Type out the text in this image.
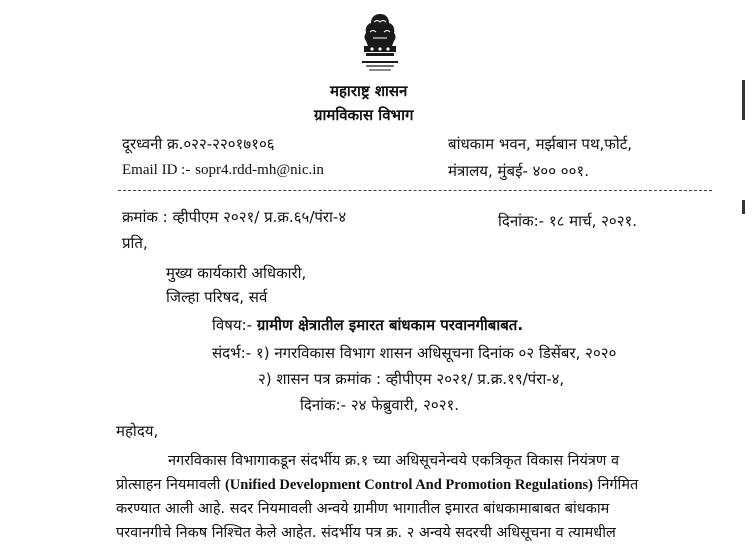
महाराष्ट्र शासन
ग्रामविकास विभाग
दूरध्वनी क्र.०२२-२२०१७१०६
Email ID :- sopr4.rdd-mh@nic.in
बांधकाम भवन, मर्झबान पथ,फोर्ट,
मंत्रालय, मुंबई- ४०० ००१.
क्रमांक : व्हीपीएम २०२१/ प्र.क्र.६५/पंरा-४	दिनांक:- १८ मार्च, २०२१.
प्रति,
मुख्य कार्यकारी अधिकारी,
जिल्हा परिषद, सर्व
विषय:- ग्रामीण क्षेत्रातील इमारत बांधकाम परवानगीबाबत.
संदर्भ:- १) नगरविकास विभाग शासन अधिसूचना दिनांक ०२ डिसेंबर, २०२०
२) शासन पत्र क्रमांक : व्हीपीएम २०२१/ प्र.क्र.१९/पंरा-४,
दिनांक:- २४ फेब्रुवारी, २०२१.
महोदय,
नगरविकास विभागाकडून संदर्भीय क्र.१ च्या अधिसूचनेन्वये एकत्रिकृत विकास नियंत्रण व
प्रोत्साहन नियमावली (Unified Development Control And Promotion Regulations) निर्गमित
करण्यात आली आहे. सदर नियमावली अन्वये ग्रामीण भागातील इमारत बांधकामाबाबत बांधकाम
परवानगीचे निकष निश्चित केले आहेत. संदर्भीय पत्र क्र. २ अन्वये सदरची अधिसूचना व त्यामधील
